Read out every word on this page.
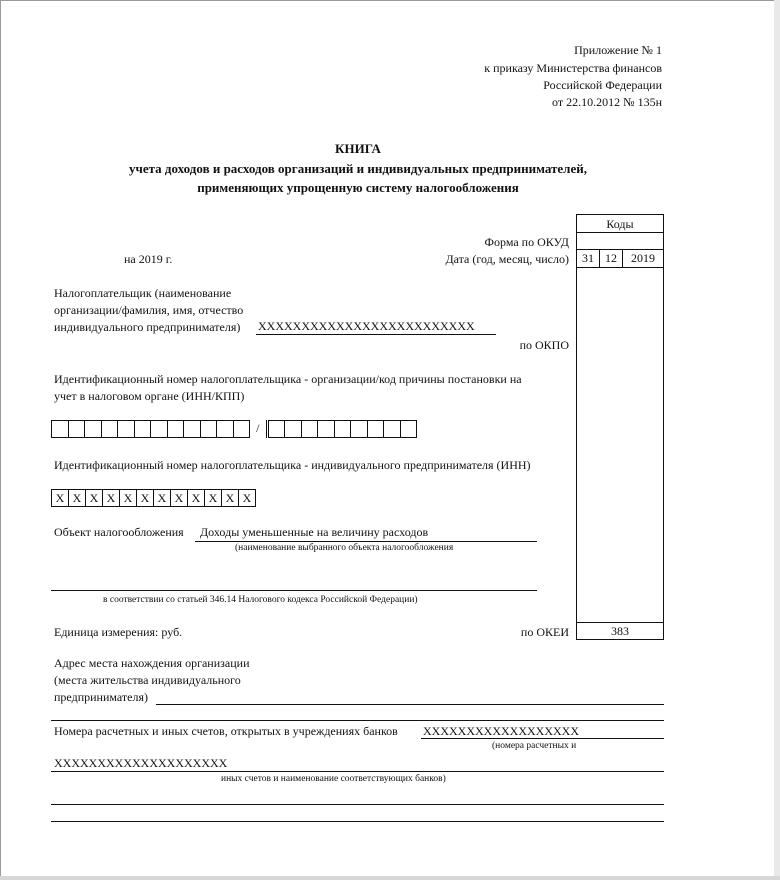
Приложение № 1
к приказу Министерства финансов
Российской Федерации
от 22.10.2012 № 135н
КНИГА
учета доходов и расходов организаций и индивидуальных предпринимателей,
применяющих упрощенную систему налогообложения
Коды
31 12	2019
383
Форма по ОКУД
на 2019 г.	Дата (год, месяц, число)
по ОКПО
по ОКЕИ
Налогоплательщик (наименование
организации/фамилия, имя, отчество
индивидуального предпринимателя) XXXXXXXXXXXXXXXXXXXXXXXXX
Идентификационный номер налогоплательщика - организации/код причины постановки на
учет в налоговом органе (ИНН/КПП)
/
Идентификационный номер налогоплательщика - индивидуального предпринимателя (ИНН)
X X X X X X X X X X X X
Объект налогообложения Доходы уменьшенные на величину расходов
(наименование выбранного объекта налогообложения
в соответствии со статьей 346.14 Налогового кодекса Российской Федерации)
Единица измерения: руб.
Адрес места нахождения организации
(места жительства индивидуального
предпринимателя)
Номера расчетных и иных счетов, открытых в учреждениях банков XXXXXXXXXXXXXXXXXX
(номера расчетных и
XXXXXXXXXXXXXXXXXXXX
иных счетов и наименование соответствующих банков)
